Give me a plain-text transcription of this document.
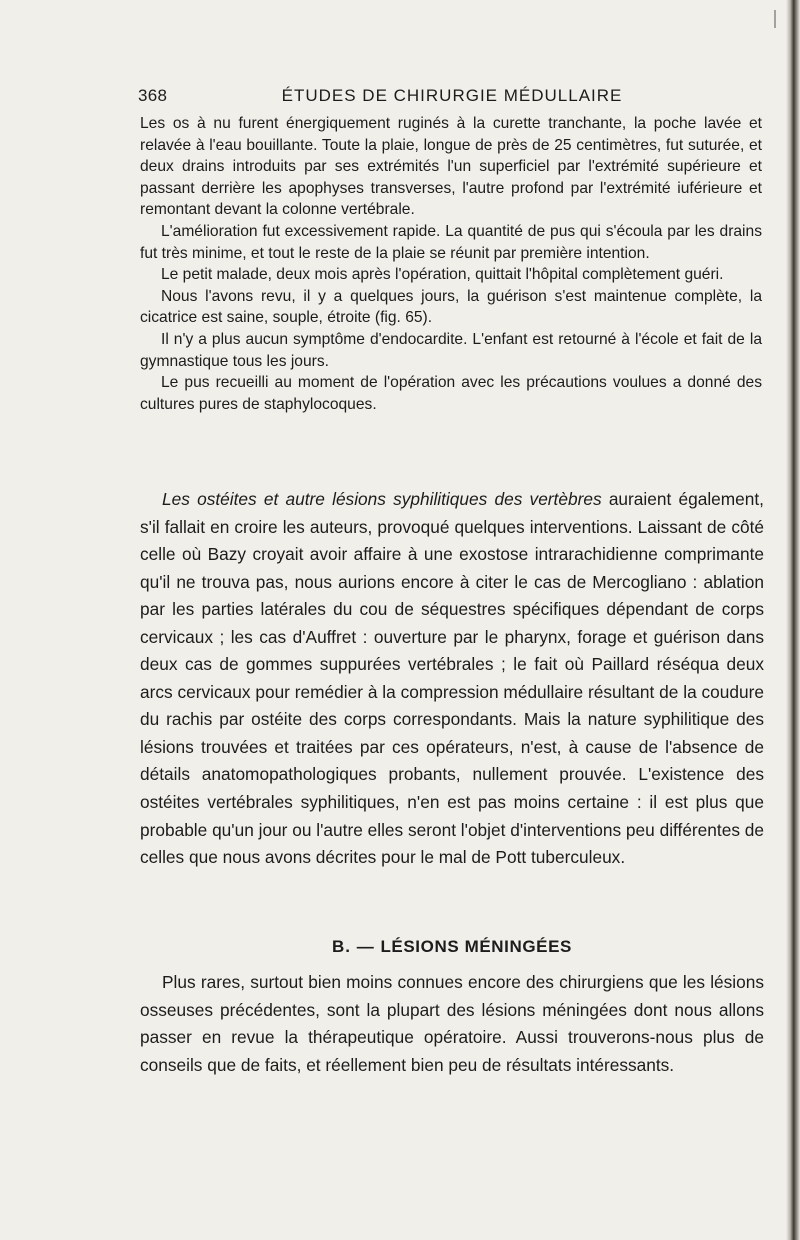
368	ÉTUDES DE CHIRURGIE MÉDULLAIRE

Les os à nu furent énergiquement ruginés à la curette tranchante, la poche lavée et relavée à l'eau bouillante. Toute la plaie, longue de près de 25 centimètres, fut suturée, et deux drains introduits par ses extrémités l'un superficiel par l'extrémité supérieure et passant derrière les apophyses transverses, l'autre profond par l'extrémité iuférieure et remontant devant la colonne vertébrale.

L'amélioration fut excessivement rapide. La quantité de pus qui s'écoula par les drains fut très minime, et tout le reste de la plaie se réunit par première intention.

Le petit malade, deux mois après l'opération, quittait l'hôpital complètement guéri.

Nous l'avons revu, il y a quelques jours, la guérison s'est maintenue complète, la cicatrice est saine, souple, étroite (fig. 65).

Il n'y a plus aucun symptôme d'endocardite. L'enfant est retourné à l'école et fait de la gymnastique tous les jours.

Le pus recueilli au moment de l'opération avec les précautions voulues a donné des cultures pures de staphylocoques.

Les ostéites et autre lésions syphilitiques des vertèbres auraient également, s'il fallait en croire les auteurs, provoqué quelques interventions. Laissant de côté celle où Bazy croyait avoir affaire à une exostose intrarachidienne comprimante qu'il ne trouva pas, nous aurions encore à citer le cas de Mercogliano : ablation par les parties latérales du cou de séquestres spécifiques dépendant de corps cervicaux ; les cas d'Auffret : ouverture par le pharynx, forage et guérison dans deux cas de gommes suppurées vertébrales ; le fait où Paillard réséqua deux arcs cervicaux pour remédier à la compression médullaire résultant de la coudure du rachis par ostéite des corps correspondants. Mais la nature syphilitique des lésions trouvées et traitées par ces opérateurs, n'est, à cause de l'absence de détails anatomopathologiques probants, nullement prouvée. L'existence des ostéites vertébrales syphilitiques, n'en est pas moins certaine : il est plus que probable qu'un jour ou l'autre elles seront l'objet d'interventions peu différentes de celles que nous avons décrites pour le mal de Pott tuberculeux.

B. — LÉSIONS MÉNINGÉES

Plus rares, surtout bien moins connues encore des chirurgiens que les lésions osseuses précédentes, sont la plupart des lésions méningées dont nous allons passer en revue la thérapeutique opératoire. Aussi trouverons-nous plus de conseils que de faits, et réellement bien peu de résultats intéressants.
